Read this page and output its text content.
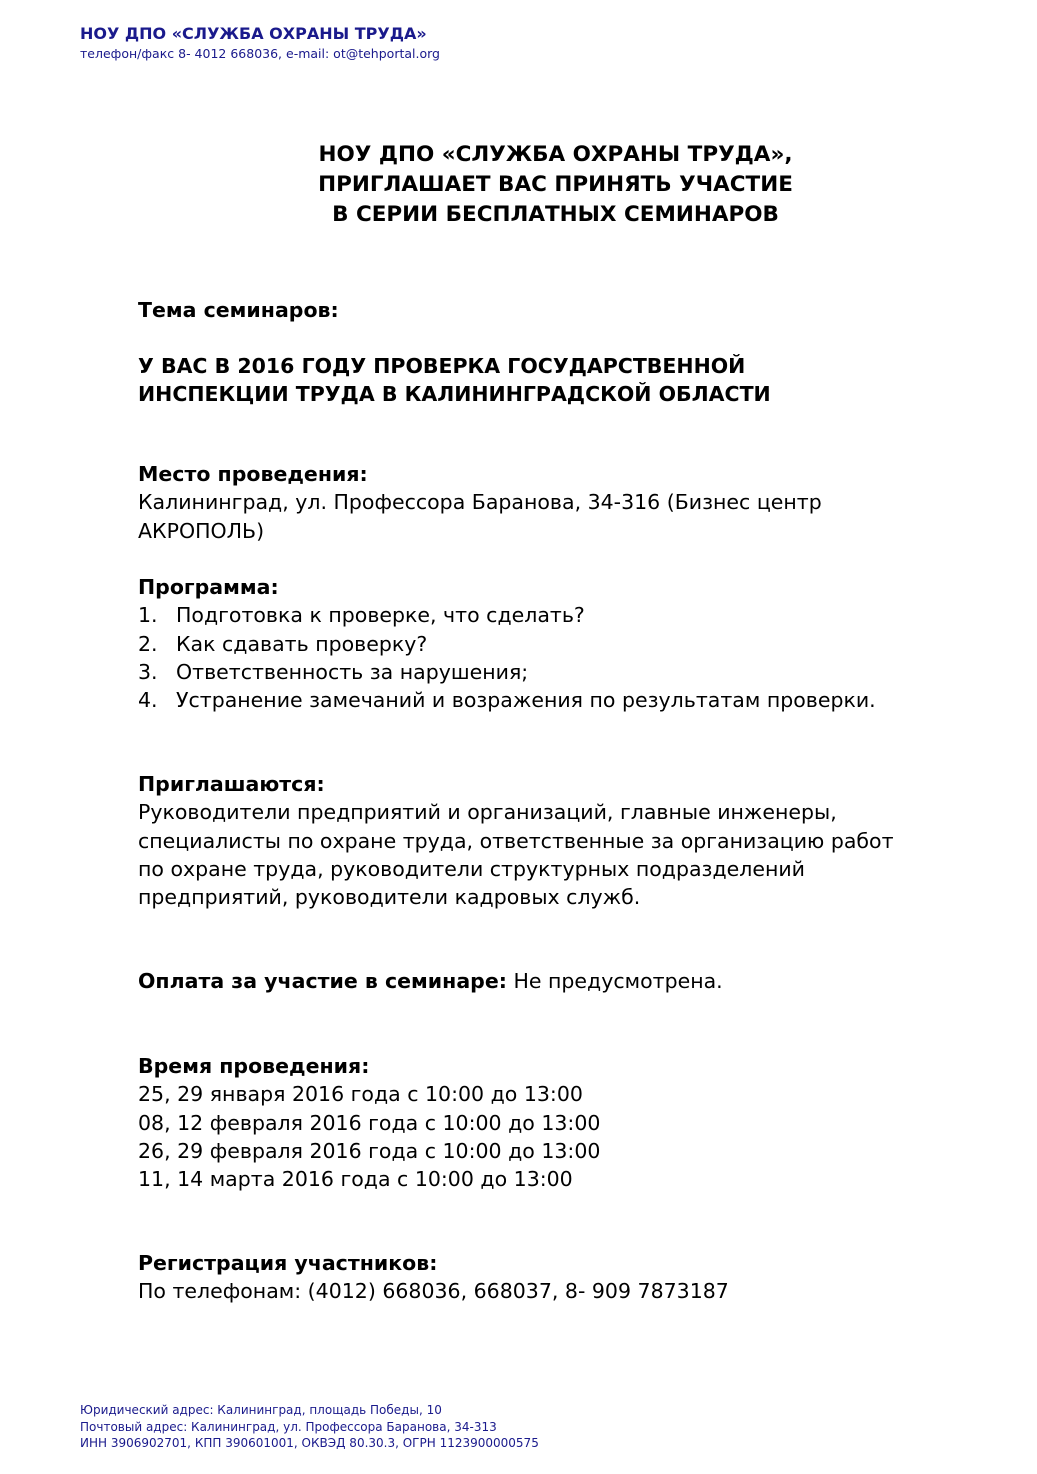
НОУ ДПО «СЛУЖБА ОХРАНЫ ТРУДА»
телефон/факс 8- 4012 668036, e-mail: ot@tehportal.org
НОУ ДПО «СЛУЖБА ОХРАНЫ ТРУДА»,
ПРИГЛАШАЕТ ВАС ПРИНЯТЬ УЧАСТИЕ
В СЕРИИ БЕСПЛАТНЫХ СЕМИНАРОВ
Тема семинаров:
У ВАС В 2016 ГОДУ ПРОВЕРКА ГОСУДАРСТВЕННОЙ
ИНСПЕКЦИИ ТРУДА В КАЛИНИНГРАДСКОЙ ОБЛАСТИ
Место проведения:
Калининград, ул. Профессора Баранова, 34-316 (Бизнес центр
АКРОПОЛЬ)
Программа:
1. Подготовка к проверке, что сделать?
2. Как сдавать проверку?
3. Ответственность за нарушения;
4. Устранение замечаний и возражения по результатам проверки.
Приглашаются:
Руководители предприятий и организаций, главные инженеры,
специалисты по охране труда, ответственные за организацию работ
по охране труда, руководители структурных подразделений
предприятий, руководители кадровых служб.
Оплата за участие в семинаре: Не предусмотрена.
Время проведения:
25, 29 января 2016 года с 10:00 до 13:00
08, 12 февраля 2016 года с 10:00 до 13:00
26, 29 февраля 2016 года с 10:00 до 13:00
11, 14 марта 2016 года с 10:00 до 13:00
Регистрация участников:
По телефонам: (4012) 668036, 668037, 8- 909 7873187
Юридический адрес: Калининград, площадь Победы, 10
Почтовый адрес: Калининград, ул. Профессора Баранова, 34-313
ИНН 3906902701, КПП 390601001, ОКВЭД 80.30.3, ОГРН 1123900000575
